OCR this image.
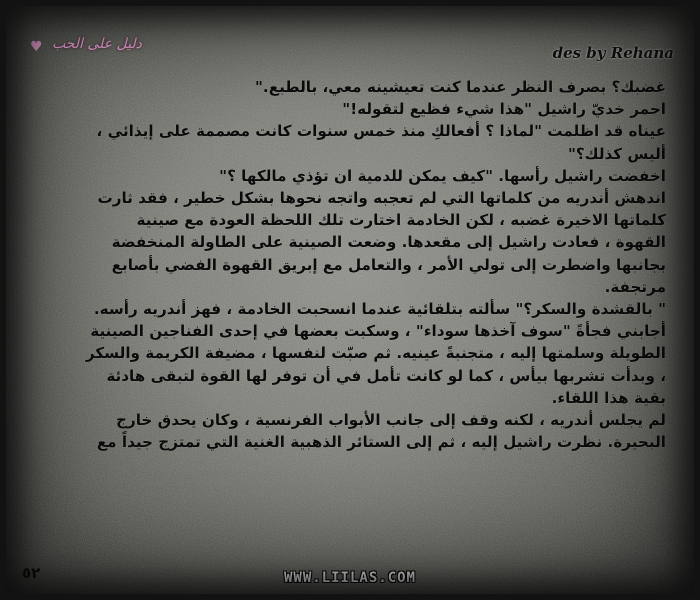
♥ دليل على الحب	des by Rehana
غضبك؟ بصرف النظر عندما كنت تعيشينه معي، بالطبع."
احمر خديّ راشيل "هذا شيء فظيع لتقوله!"
عيناه قد اظلمت "لماذا ؟ أفعالكِ منذ خمس سنوات كانت مصممة على إيذائي ،
أليس كذلك؟"
اخفضت راشيل رأسها. "كيف يمكن للدمية ان تؤذي مالكها ؟"
اندهش أندريه من كلماتها التي لم تعجبه واتجه نحوها بشكل خطير ، فقد ثارت
كلماتها الاخيرة غضبه ، لكن الخادمة اختارت تلك اللحظة العودة مع صينية
القهوة ، فعادت راشيل إلى مقعدها. وضعت الصينية على الطاولة المنخفضة
بجانبها واضطرت إلى تولي الأمر ، والتعامل مع إبريق القهوة الفضي بأصابع
مرتجفة.
" بالقشدة والسكر؟" سألته بتلقائية عندما انسحبت الخادمة ، فهز أندريه رأسه.
أجابني فجأةً "سوف آخذها سوداء" ، وسكبت بعضها في إحدى الفناجين الصينية
الطويلة وسلمتها إليه ، متجنبةً عينيه. ثم صبّت لنفسها ، مضيفة الكريمة والسكر
، وبدأت تشربها بيأس ، كما لو كانت تأمل في أن توفر لها القوة لتبقى هادئة
بقية هذا اللقاء.
لم يجلس أندريه ، لكنه وقف إلى جانب الأبواب الفرنسية ، وكان يحدق خارج
البحيرة. نظرت راشيل إليه ، ثم إلى الستائر الذهبية الغنية التي تمتزج جيداً مع
٥٢	WWW.LIILAS.COM
